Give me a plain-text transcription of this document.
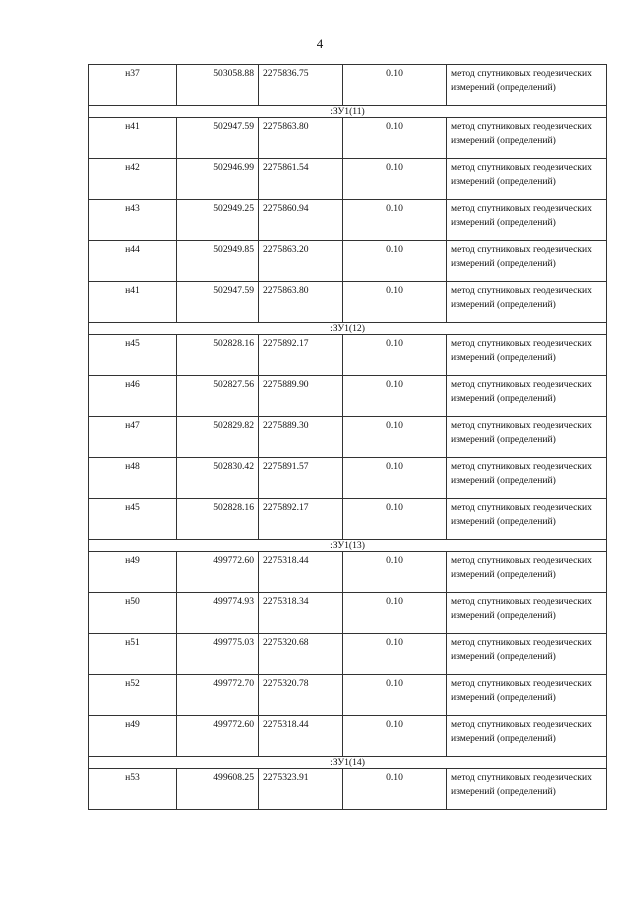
4
н37	503058.88	2275836.75	0.10	метод спутниковых геодезических измерений (определений)
:ЗУ1(11)				
н41	502947.59	2275863.80	0.10	метод спутниковых геодезических измерений (определений)
н42	502946.99	2275861.54	0.10	метод спутниковых геодезических измерений (определений)
н43	502949.25	2275860.94	0.10	метод спутниковых геодезических измерений (определений)
н44	502949.85	2275863.20	0.10	метод спутниковых геодезических измерений (определений)
н41	502947.59	2275863.80	0.10	метод спутниковых геодезических измерений (определений)
:ЗУ1(12)				
н45	502828.16	2275892.17	0.10	метод спутниковых геодезических измерений (определений)
н46	502827.56	2275889.90	0.10	метод спутниковых геодезических измерений (определений)
н47	502829.82	2275889.30	0.10	метод спутниковых геодезических измерений (определений)
н48	502830.42	2275891.57	0.10	метод спутниковых геодезических измерений (определений)
н45	502828.16	2275892.17	0.10	метод спутниковых геодезических измерений (определений)
:ЗУ1(13)				
н49	499772.60	2275318.44	0.10	метод спутниковых геодезических измерений (определений)
н50	499774.93	2275318.34	0.10	метод спутниковых геодезических измерений (определений)
н51	499775.03	2275320.68	0.10	метод спутниковых геодезических измерений (определений)
н52	499772.70	2275320.78	0.10	метод спутниковых геодезических измерений (определений)
н49	499772.60	2275318.44	0.10	метод спутниковых геодезических измерений (определений)
:ЗУ1(14)				
н53	499608.25	2275323.91	0.10	метод спутниковых геодезических измерений (определений)
